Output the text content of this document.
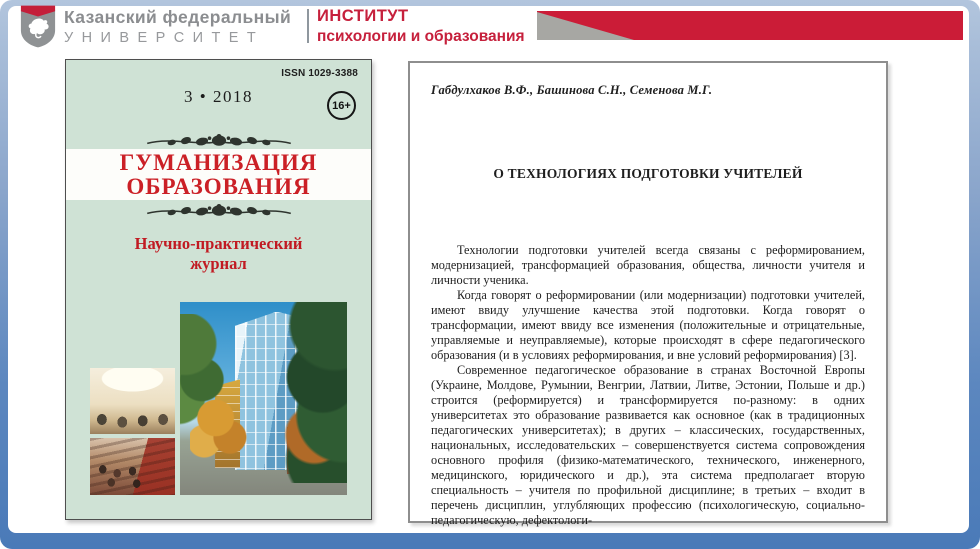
Казанский федеральный
У Н И В Е Р С И Т Е Т
ИНСТИТУТ
психологии и образования
ISSN 1029-3388
3 • 2018	16+
ГУМАНИЗАЦИЯ
ОБРАЗОВАНИЯ
Научно-практический
журнал
Габдулхаков В.Ф., Башинова С.Н., Семенова М.Г.
О ТЕХНОЛОГИЯХ ПОДГОТОВКИ УЧИТЕЛЕЙ

Технологии подготовки учителей всегда связаны с реформированием, модернизацией, трансформацией образования, общества, личности учителя и личности ученика.

Когда говорят о реформировании (или модернизации) подготовки учителей, имеют ввиду улучшение качества этой подготовки. Когда говорят о трансформации, имеют ввиду все изменения (положительные и отрицательные, управляемые и неуправляемые), которые происходят в сфере педагогического образования (и в условиях реформирования, и вне условий реформирования) [3].

Современное педагогическое образование в странах Восточной Европы (Украине, Молдове, Румынии, Венгрии, Латвии, Литве, Эстонии, Польше и др.) строится (реформируется) и трансформируется по-разному: в одних университетах это образование развивается как основное (как в традиционных педагогических университетах); в других – классических, государственных, национальных, исследовательских – совершенствуется система сопровождения основного профиля (физико-математического, технического, инженерного, медицинского, юридического и др.), эта система предполагает вторую специальность – учителя по профильной дисциплине; в третьих – входит в перечень дисциплин, углубляющих профессию (психологическую, социально-педагогическую, дефектологи-
